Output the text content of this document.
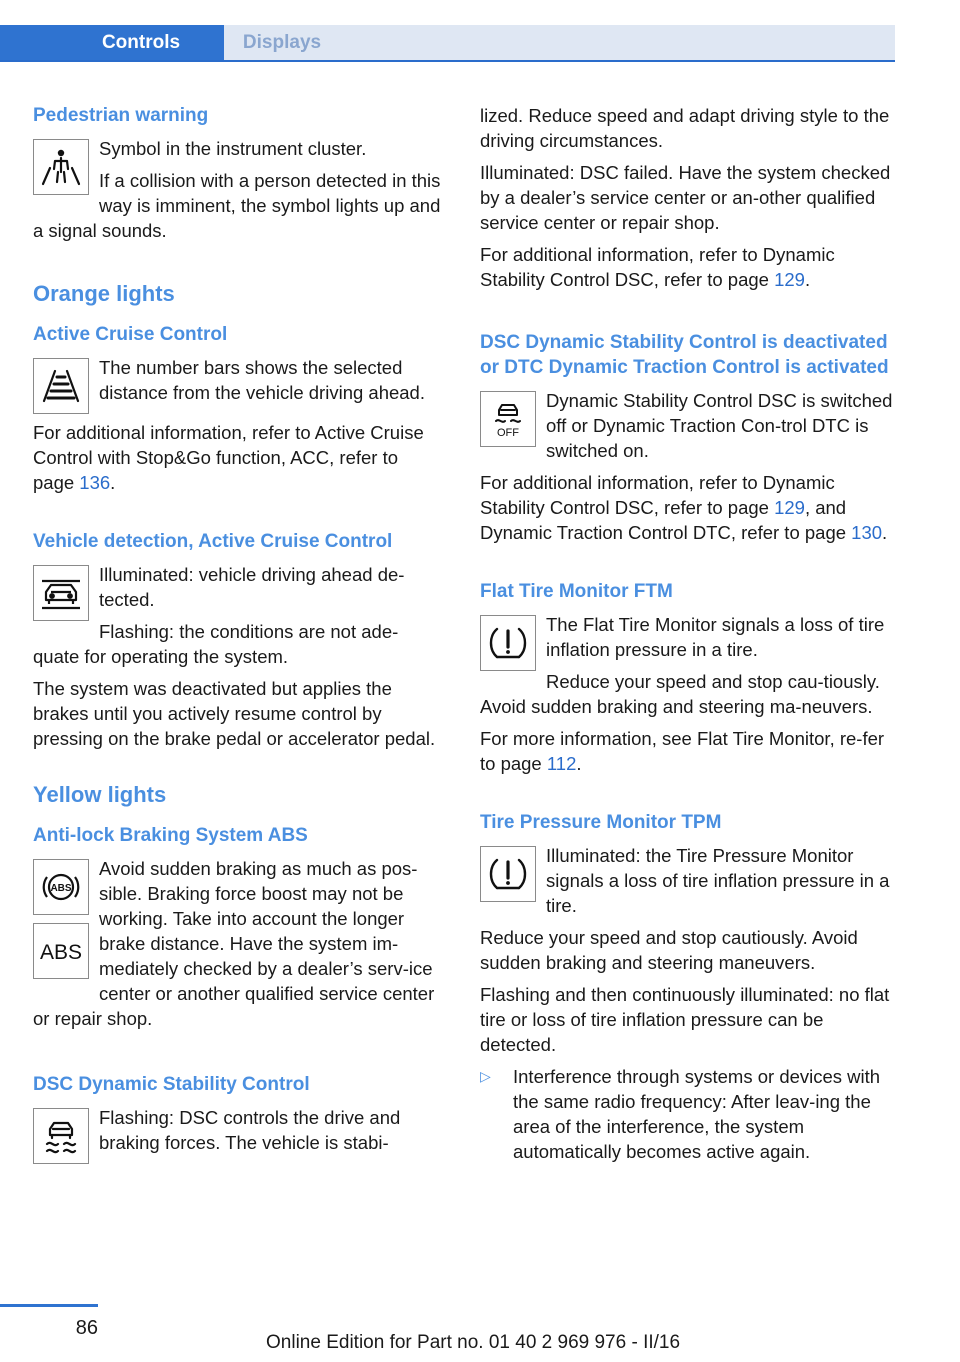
Controls	Displays
Pedestrian warning

Symbol in the instrument cluster.

If a collision with a person detected in this way is imminent, the symbol lights up and a signal sounds.

Orange lights
Active Cruise Control

The number bars shows the selected distance from the vehicle driving ahead.

For additional information, refer to Active Cruise Control with Stop&Go function, ACC, refer to page 136.

Vehicle detection, Active Cruise Control

Illuminated: vehicle driving ahead de‐tected.

Flashing: the conditions are not ade‐quate for operating the system.

The system was deactivated but applies the brakes until you actively resume control by pressing on the brake pedal or accelerator pedal.

Yellow lights
Anti-lock Braking System ABS
ABS
ABS

Avoid sudden braking as much as pos‐sible. Braking force boost may not be working. Take into account the longer brake distance. Have the system im‐mediately checked by a dealer’s serv‐ice center or another qualified service center or repair shop.

DSC Dynamic Stability Control

Flashing: DSC controls the drive and braking forces. The vehicle is stabi‐

lized. Reduce speed and adapt driving style to the driving circumstances.

Illuminated: DSC failed. Have the system checked by a dealer’s service center or an‐other qualified service center or repair shop.

For additional information, refer to Dynamic Stability Control DSC, refer to page 129.

DSC Dynamic Stability Control is deactivated or DTC Dynamic Traction Control is activated
OFF

Dynamic Stability Control DSC is switched off or Dynamic Traction Con‐trol DTC is switched on.

For additional information, refer to Dynamic Stability Control DSC, refer to page 129, and Dynamic Traction Control DTC, refer to page 130.

Flat Tire Monitor FTM

The Flat Tire Monitor signals a loss of tire inflation pressure in a tire.

Reduce your speed and stop cau‐tiously. Avoid sudden braking and steering ma‐neuvers.

For more information, see Flat Tire Monitor, re‐fer to page 112.

Tire Pressure Monitor TPM

Illuminated: the Tire Pressure Monitor signals a loss of tire inflation pressure in a tire.

Reduce your speed and stop cautiously. Avoid sudden braking and steering maneuvers.

Flashing and then continuously illuminated: no flat tire or loss of tire inflation pressure can be detected.

▷	Interference through systems or devices with the same radio frequency: After leav‐ing the area of the interference, the system automatically becomes active again.
86
Online Edition for Part no. 01 40 2 969 976 - II/16
